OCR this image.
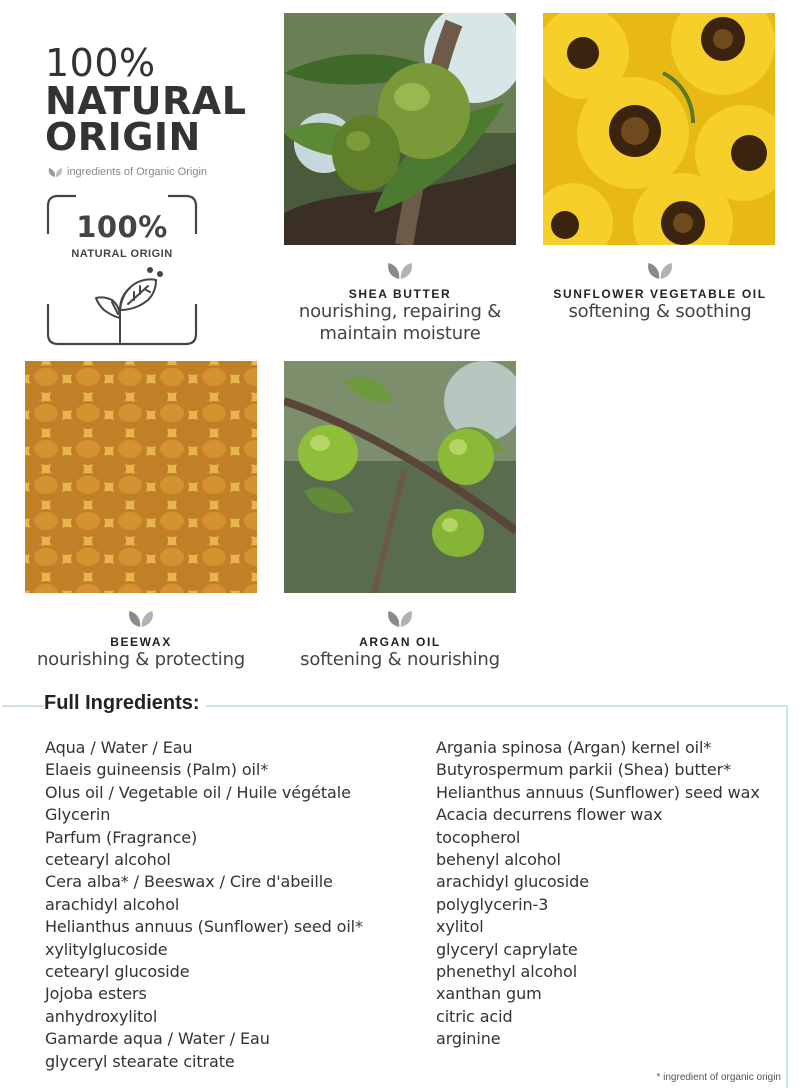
100%
NATURAL
ORIGIN
ingredients of Organic Origin
100%
NATURAL ORIGIN
SHEA BUTTER
nourishing, repairing &
maintain moisture
SUNFLOWER VEGETABLE OIL
softening & soothing
BEEWAX
nourishing & protecting
ARGAN OIL
softening & nourishing
Full Ingredients:
Aqua / Water / Eau
Elaeis guineensis (Palm) oil*
Olus oil / Vegetable oil / Huile végétale
Glycerin
Parfum (Fragrance)
cetearyl alcohol
Cera alba* / Beeswax / Cire d'abeille
arachidyl alcohol
Helianthus annuus (Sunflower) seed oil*
xylitylglucoside
cetearyl glucoside
Jojoba esters
anhydroxylitol
Gamarde aqua / Water / Eau
glyceryl stearate citrate
Argania spinosa (Argan) kernel oil*
Butyrospermum parkii (Shea) butter*
Helianthus annuus (Sunflower) seed wax
Acacia decurrens flower wax
tocopherol
behenyl alcohol
arachidyl glucoside
polyglycerin-3
xylitol
glyceryl caprylate
phenethyl alcohol
xanthan gum
citric acid
arginine
* ingredient of organic origin
